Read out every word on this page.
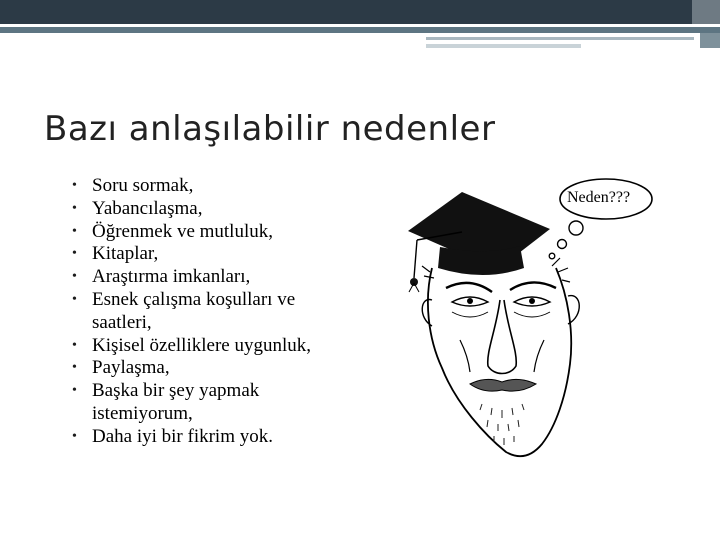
Bazı anlaşılabilir nedenler
• Soru sormak,
• Yabancılaşma,
• Öğrenmek ve mutluluk,
• Kitaplar,
• Araştırma imkanları,
• Esnek çalışma koşulları ve saatleri,
• Kişisel özelliklere uygunluk,
• Paylaşma,
• Başka bir şey yapmak istemiyorum,
• Daha iyi bir fikrim yok.
Neden???
